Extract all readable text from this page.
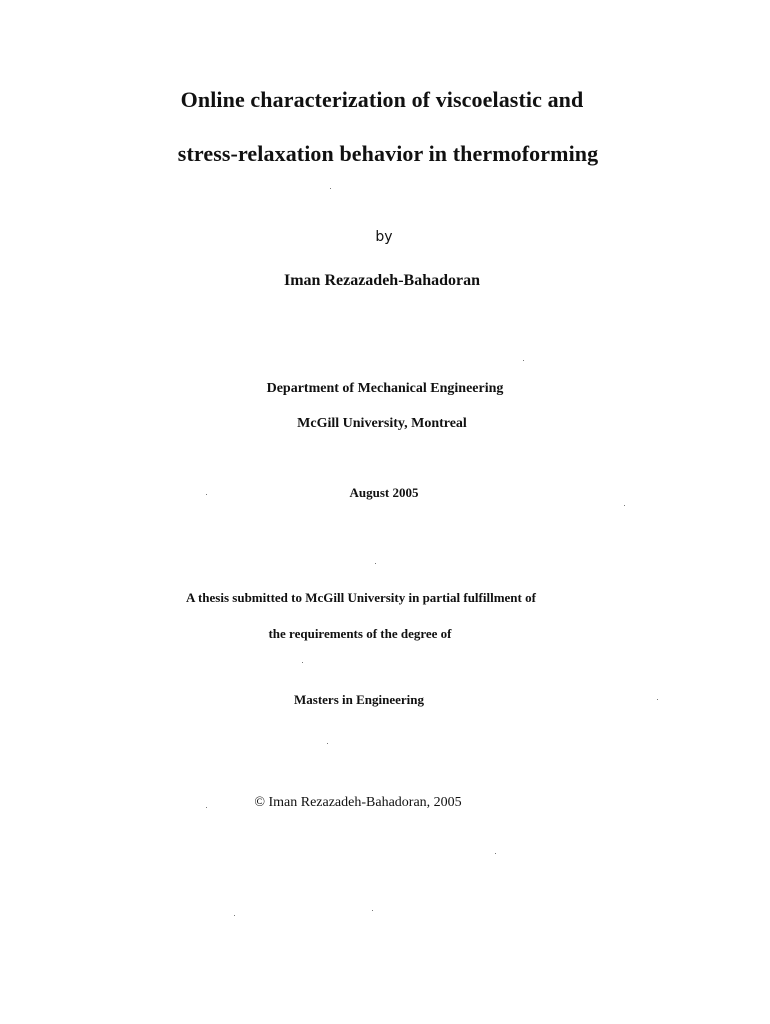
Online characterization of viscoelastic and
stress-relaxation behavior in thermoforming
by
Iman Rezazadeh-Bahadoran
Department of Mechanical Engineering
McGill University, Montreal
August 2005
A thesis submitted to McGill University in partial fulfillment of
the requirements of the degree of
Masters in Engineering
© Iman Rezazadeh-Bahadoran, 2005
